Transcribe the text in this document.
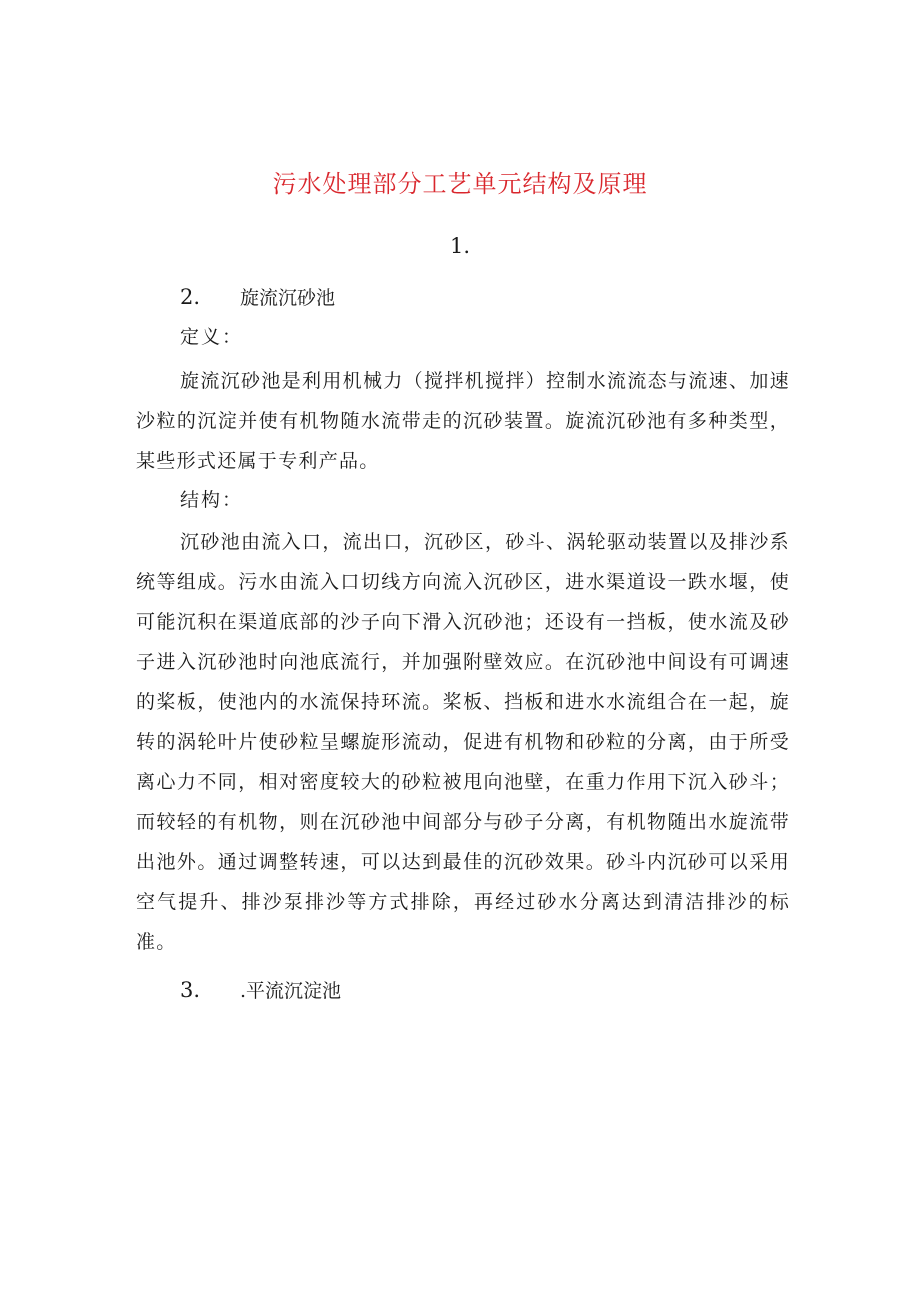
污水处理部分工艺单元结构及原理
1.
2. 旋流沉砂池
定义：
旋流沉砂池是利用机械力（搅拌机搅拌）控制水流流态与流速、加速沙粒的沉淀并使有机物随水流带走的沉砂装置。旋流沉砂池有多种类型，某些形式还属于专利产品。
结构：
沉砂池由流入口，流出口，沉砂区，砂斗、涡轮驱动装置以及排沙系统等组成。污水由流入口切线方向流入沉砂区，进水渠道设一跌水堰，使可能沉积在渠道底部的沙子向下滑入沉砂池；还设有一挡板，使水流及砂子进入沉砂池时向池底流行，并加强附壁效应。在沉砂池中间设有可调速的桨板，使池内的水流保持环流。桨板、挡板和进水水流组合在一起，旋转的涡轮叶片使砂粒呈螺旋形流动，促进有机物和砂粒的分离，由于所受离心力不同，相对密度较大的砂粒被甩向池壁，在重力作用下沉入砂斗；而较轻的有机物，则在沉砂池中间部分与砂子分离，有机物随出水旋流带出池外。通过调整转速，可以达到最佳的沉砂效果。砂斗内沉砂可以采用空气提升、排沙泵排沙等方式排除，再经过砂水分离达到清洁排沙的标准。
3. .平流沉淀池
